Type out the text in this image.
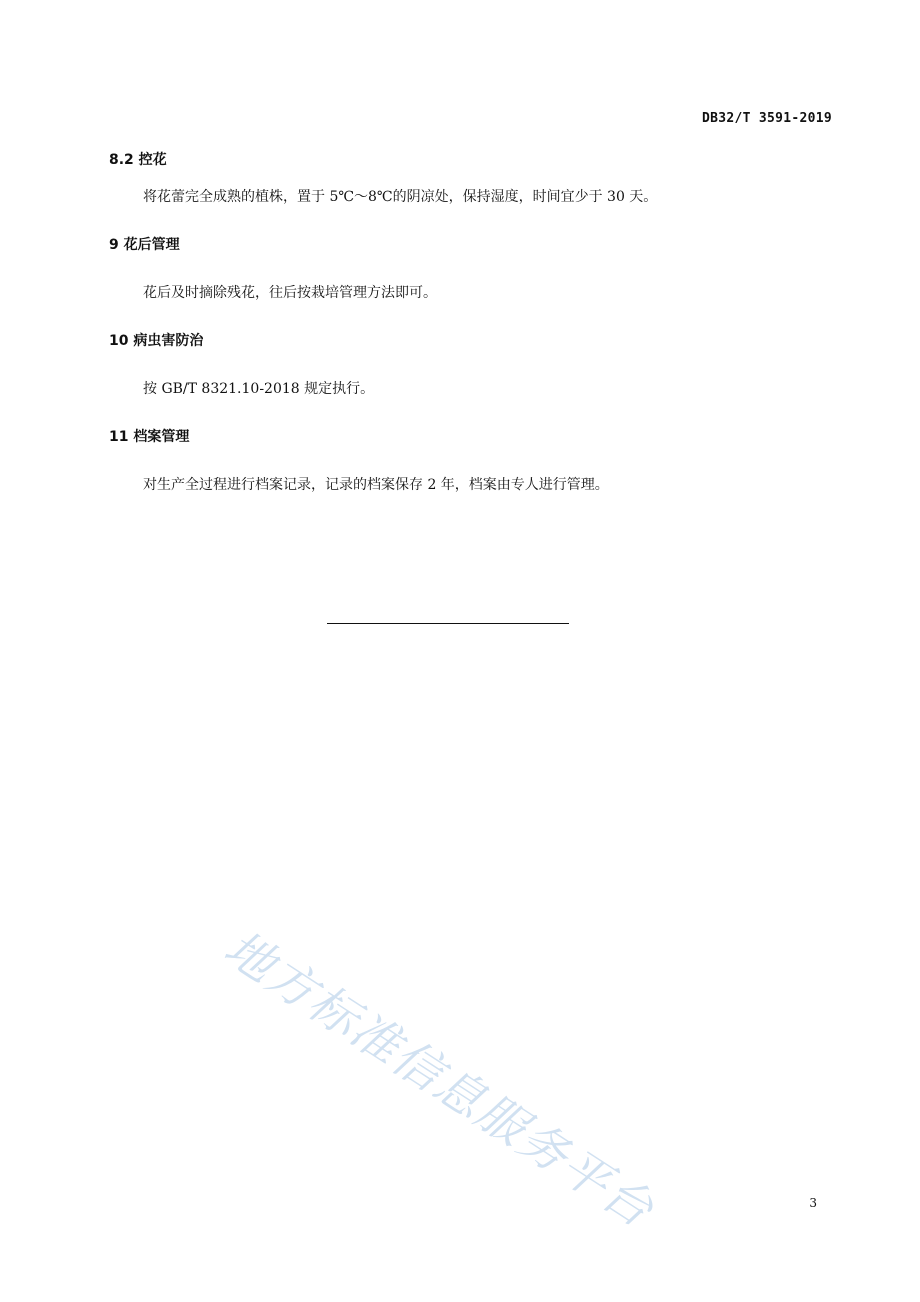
DB32/T 3591-2019
8.2 控花
将花蕾完全成熟的植株，置于 5℃～8℃的阴凉处，保持湿度，时间宜少于 30 天。
9 花后管理
花后及时摘除残花，往后按栽培管理方法即可。
10 病虫害防治
按 GB/T 8321.10-2018 规定执行。
11 档案管理
对生产全过程进行档案记录，记录的档案保存 2 年，档案由专人进行管理。
地方标准信息服务平台	3
